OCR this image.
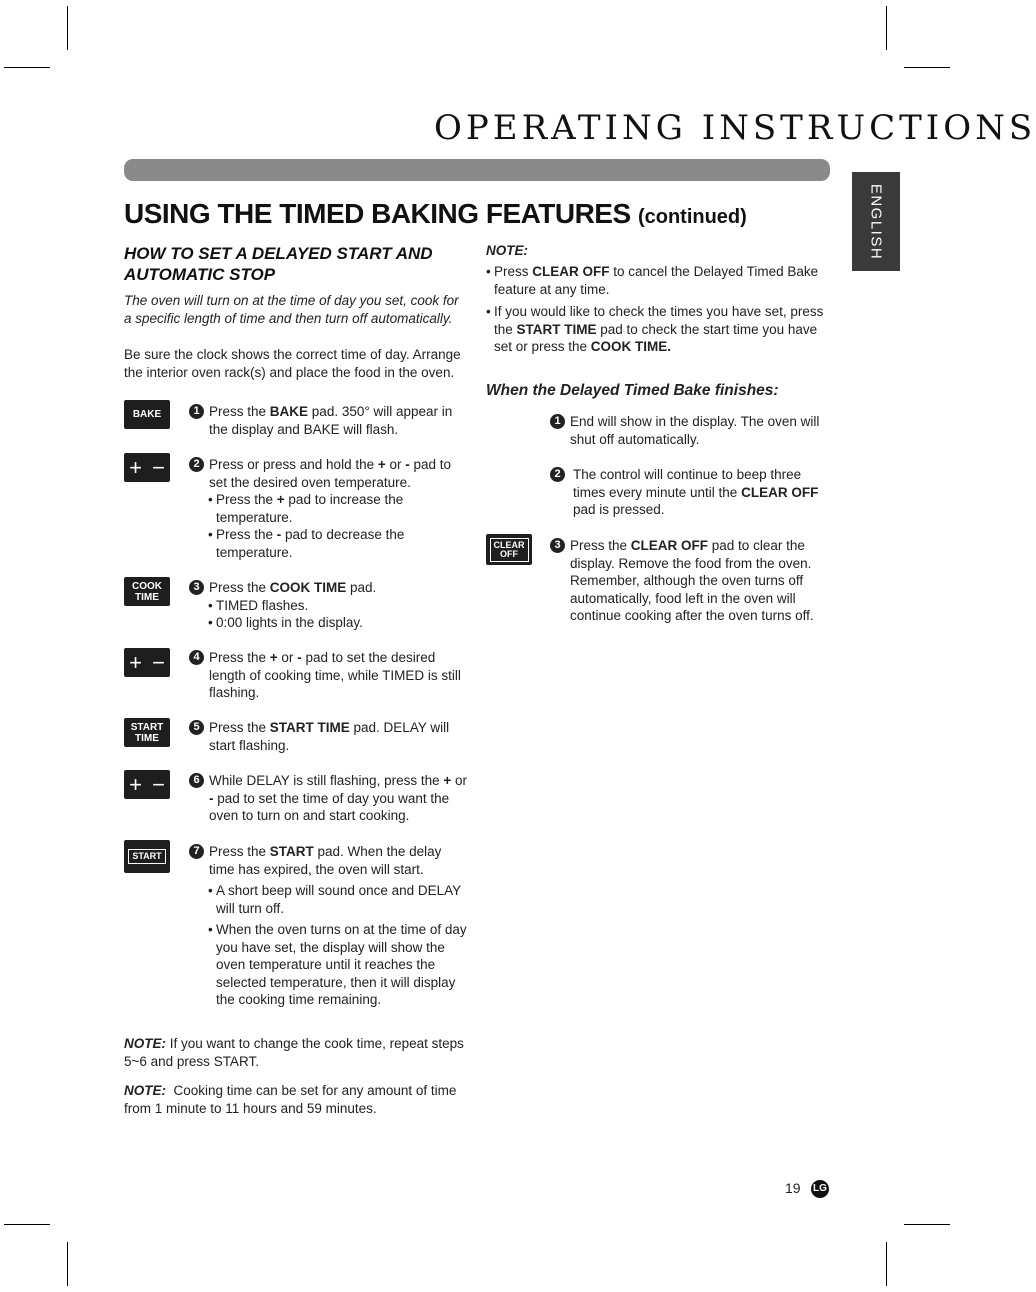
OPERATING INSTRUCTIONS
ENGLISH
USING THE TIMED BAKING FEATURES (continued)
HOW TO SET A DELAYED START AND AUTOMATIC STOP
The oven will turn on at the time of day you set, cook for a specific length of time and then turn off automatically.
Be sure the clock shows the correct time of day. Arrange the interior oven rack(s) and place the food in the oven.
BAKE
+ −
COOK
TIME
+ −
START
TIME
+ −
START
CLEAR
OFF
1 Press the BAKE pad. 350° will appear in the display and BAKE will flash.
2 Press or press and hold the + or - pad to set the desired oven temperature.
• Press the + pad to increase the temperature.
• Press the - pad to decrease the temperature.
3 Press the COOK TIME pad.
• TIMED flashes.
• 0:00 lights in the display.
4 Press the + or - pad to set the desired length of cooking time, while TIMED is still flashing.
5 Press the START TIME pad. DELAY will start flashing.
6 While DELAY is still flashing, press the + or - pad to set the time of day you want the oven to turn on and start cooking.
7 Press the START pad. When the delay time has expired, the oven will start.
• A short beep will sound once and DELAY will turn off.
• When the oven turns on at the time of day you have set, the display will show the oven temperature until it reaches the selected temperature, then it will display the cooking time remaining.
NOTE: If you want to change the cook time, repeat steps 5~6 and press START.
NOTE:  Cooking time can be set for any amount of time from 1 minute to 11 hours and 59 minutes.
NOTE:
• Press CLEAR OFF to cancel the Delayed Timed Bake feature at any time.
• If you would like to check the times you have set, press the START TIME pad to check the start time you have set or press the COOK TIME.
When the Delayed Timed Bake finishes:
1 End will show in the display. The oven will shut off automatically.
2 The control will continue to beep three times every minute until the CLEAR OFF pad is pressed.
3 Press the CLEAR OFF pad to clear the display. Remove the food from the oven. Remember, although the oven turns off automatically, food left in the oven will continue cooking after the oven turns off.
19 LG
